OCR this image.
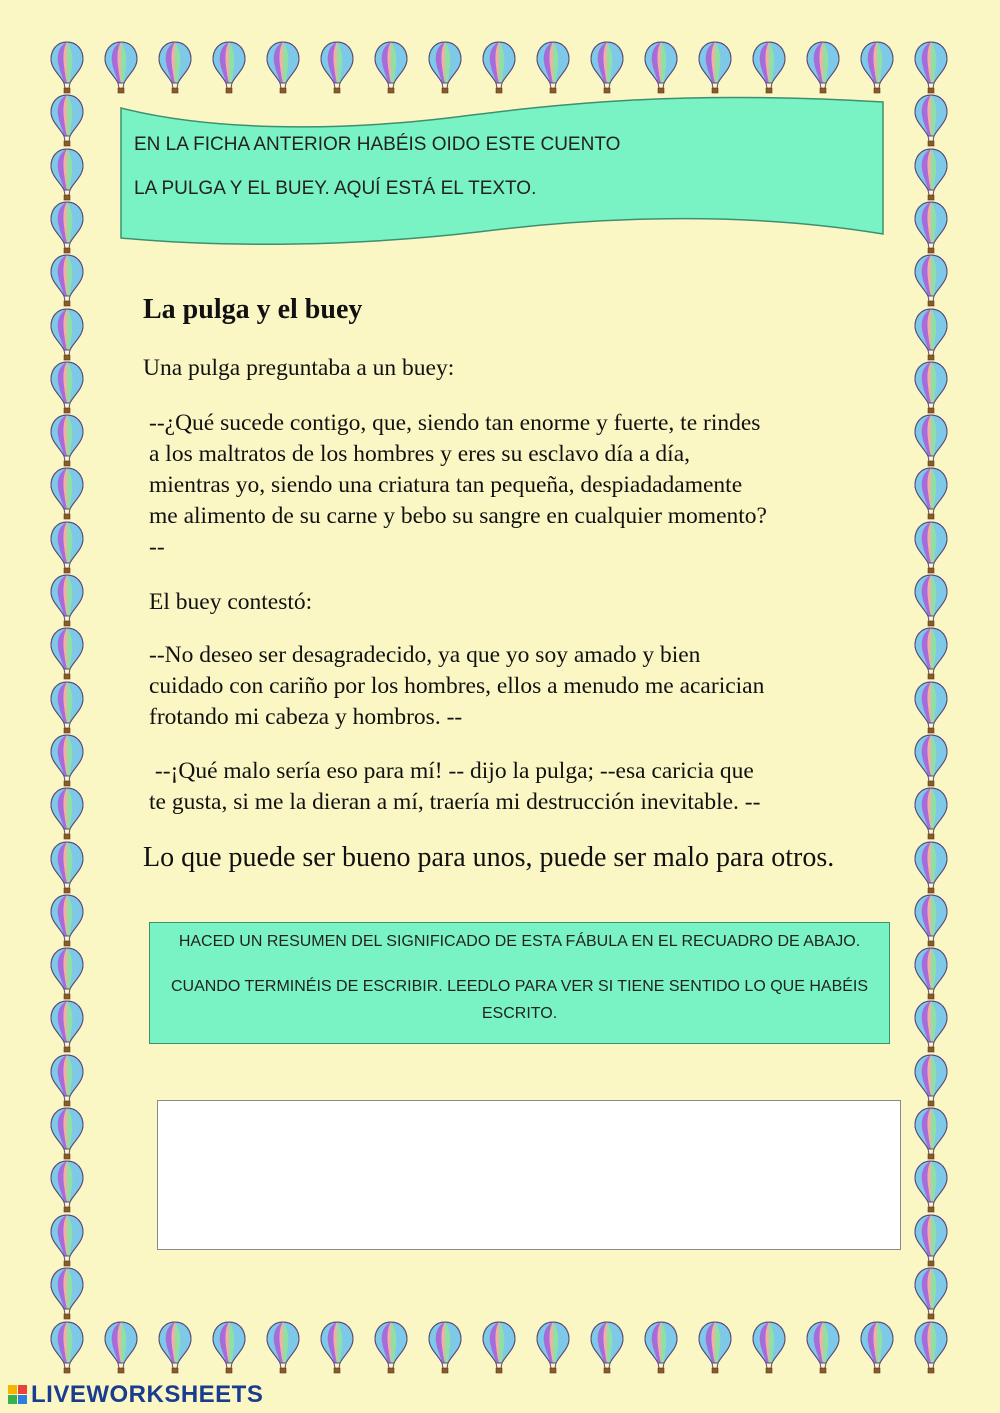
EN LA FICHA ANTERIOR HABÉIS OIDO ESTE CUENTO
LA PULGA Y EL BUEY. AQUÍ ESTÁ EL TEXTO.
La pulga y el buey
Una pulga preguntaba a un buey:
--¿Qué sucede contigo, que, siendo tan enorme y fuerte, te rindes
a los maltratos de los hombres y eres su esclavo día a día,
mientras yo, siendo una criatura tan pequeña, despiadadamente
me alimento de su carne y bebo su sangre en cualquier momento?
--
El buey contestó:
--No deseo ser desagradecido, ya que yo soy amado y bien
cuidado con cariño por los hombres, ellos a menudo me acarician
frotando mi cabeza y hombros. --
--¡Qué malo sería eso para mí! -- dijo la pulga; --esa caricia que
te gusta, si me la dieran a mí, traería mi destrucción inevitable. --
Lo que puede ser bueno para unos, puede ser malo para otros.
HACED UN RESUMEN DEL SIGNIFICADO DE ESTA FÁBULA EN EL RECUADRO DE ABAJO.
CUANDO TERMINÉIS DE ESCRIBIR. LEEDLO PARA VER SI TIENE SENTIDO LO QUE HABÉIS ESCRITO.
LIVEWORKSHEETS
